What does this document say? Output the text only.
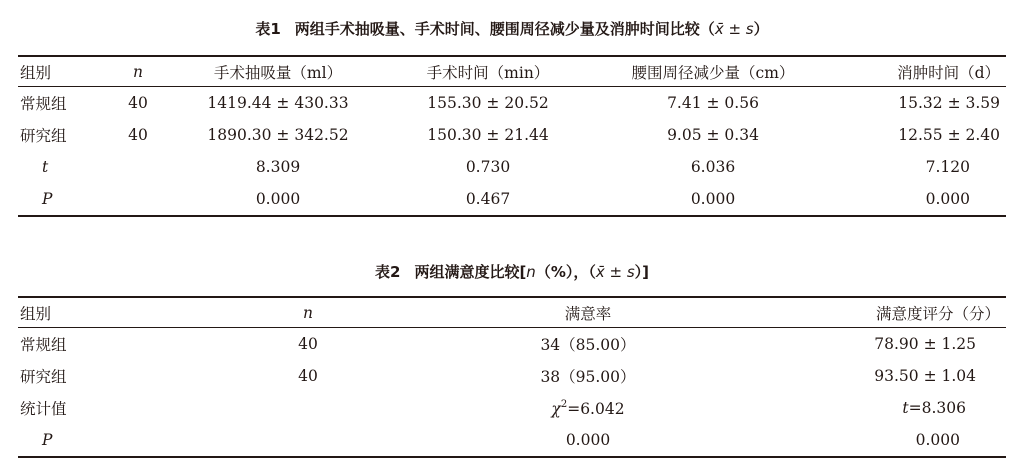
表1 两组手术抽吸量、手术时间、腰围周径减少量及消肿时间比较（x̄ ± s）
组别	n	手术抽吸量（ml）	手术时间（min）	腰围周径减少量（cm）	消肿时间（d）
常规组	40	1419.44 ± 430.33	155.30 ± 20.52	7.41 ± 0.56	15.32 ± 3.59
研究组	40	1890.30 ± 342.52	150.30 ± 21.44	9.05 ± 0.34	12.55 ± 2.40
t		8.309	0.730	6.036	7.120
P		0.000	0.467	0.000	0.000
表2 两组满意度比较[n（%），（x̄ ± s）]
组别	n	满意率	满意度评分（分）
常规组	40	34（85.00）	78.90 ± 1.25
研究组	40	38（95.00）	93.50 ± 1.04
统计值		$\chi^2=6.042$	t=8.306
P		0.000	0.000
